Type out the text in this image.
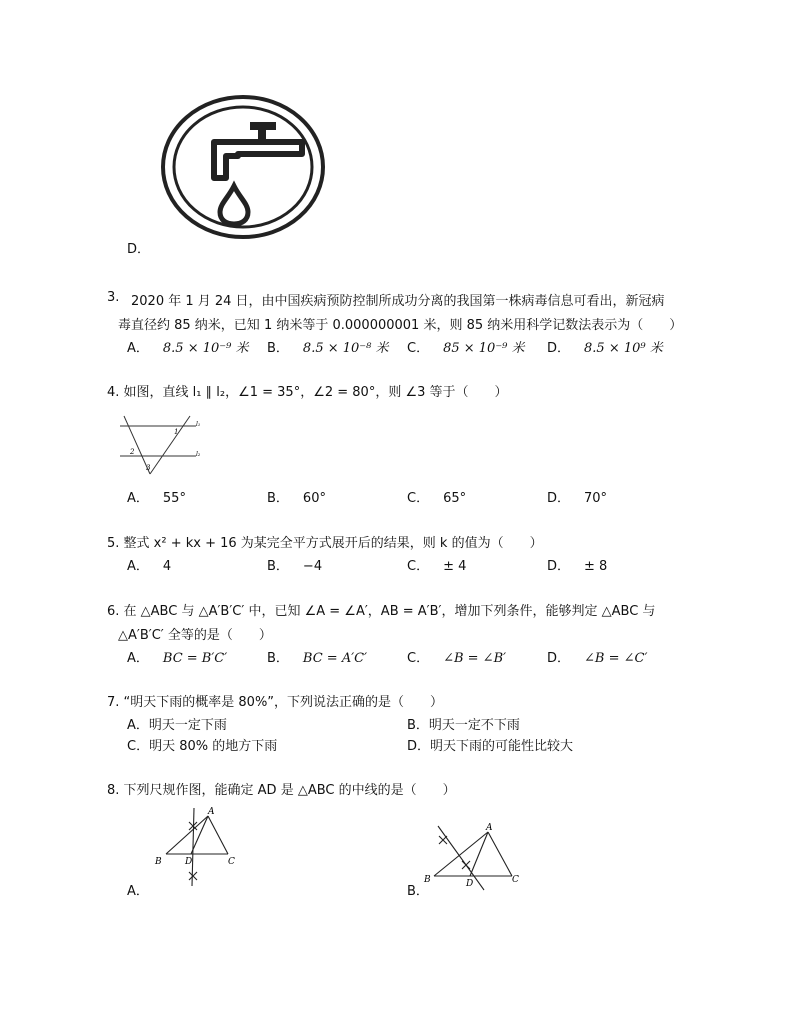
D．
3. 2020 年 1 月 24 日，由中国疾病预防控制所成功分离的我国第一株病毒信息可看出，新冠病
毒直径约 85 纳米，已知 1 纳米等于 0.000000001 米，则 85 纳米用科学记数法表示为（　　）
A． 8.5 × 10⁻⁹ 米 B． 8.5 × 10⁻⁸ 米 C． 85 × 10⁻⁹ 米 D． 8.5 × 10⁹ 米
4. 如图，直线 l₁ ∥ l₂，∠1 = 35°，∠2 = 80°，则 ∠3 等于（　　）
l₁
l₂
1
2
3
A． 55°	B． 60°	C． 65°	D． 70°
5. 整式 x² + kx + 16 为某完全平方式展开后的结果，则 k 的值为（　　）
A． 4	B． −4	C． ± 4	D． ± 8
6. 在 △ABC 与 △A′B′C′ 中，已知 ∠A = ∠A′，AB = A′B′，增加下列条件，能够判定 △ABC 与
△A′B′C′ 全等的是（　　）
A． BC = B′C′	B． BC = A′C′	C． ∠B = ∠B′	D． ∠B = ∠C′
7. “明天下雨的概率是 80%”，下列说法正确的是（　　）
A．明天一定下雨	B．明天一定不下雨
C．明天 80% 的地方下雨	D．明天下雨的可能性比较大
8. 下列尺规作图，能确定 AD 是 △ABC 的中线的是（　　）
A
B	C
D
A．
A
B	C
D
B．
